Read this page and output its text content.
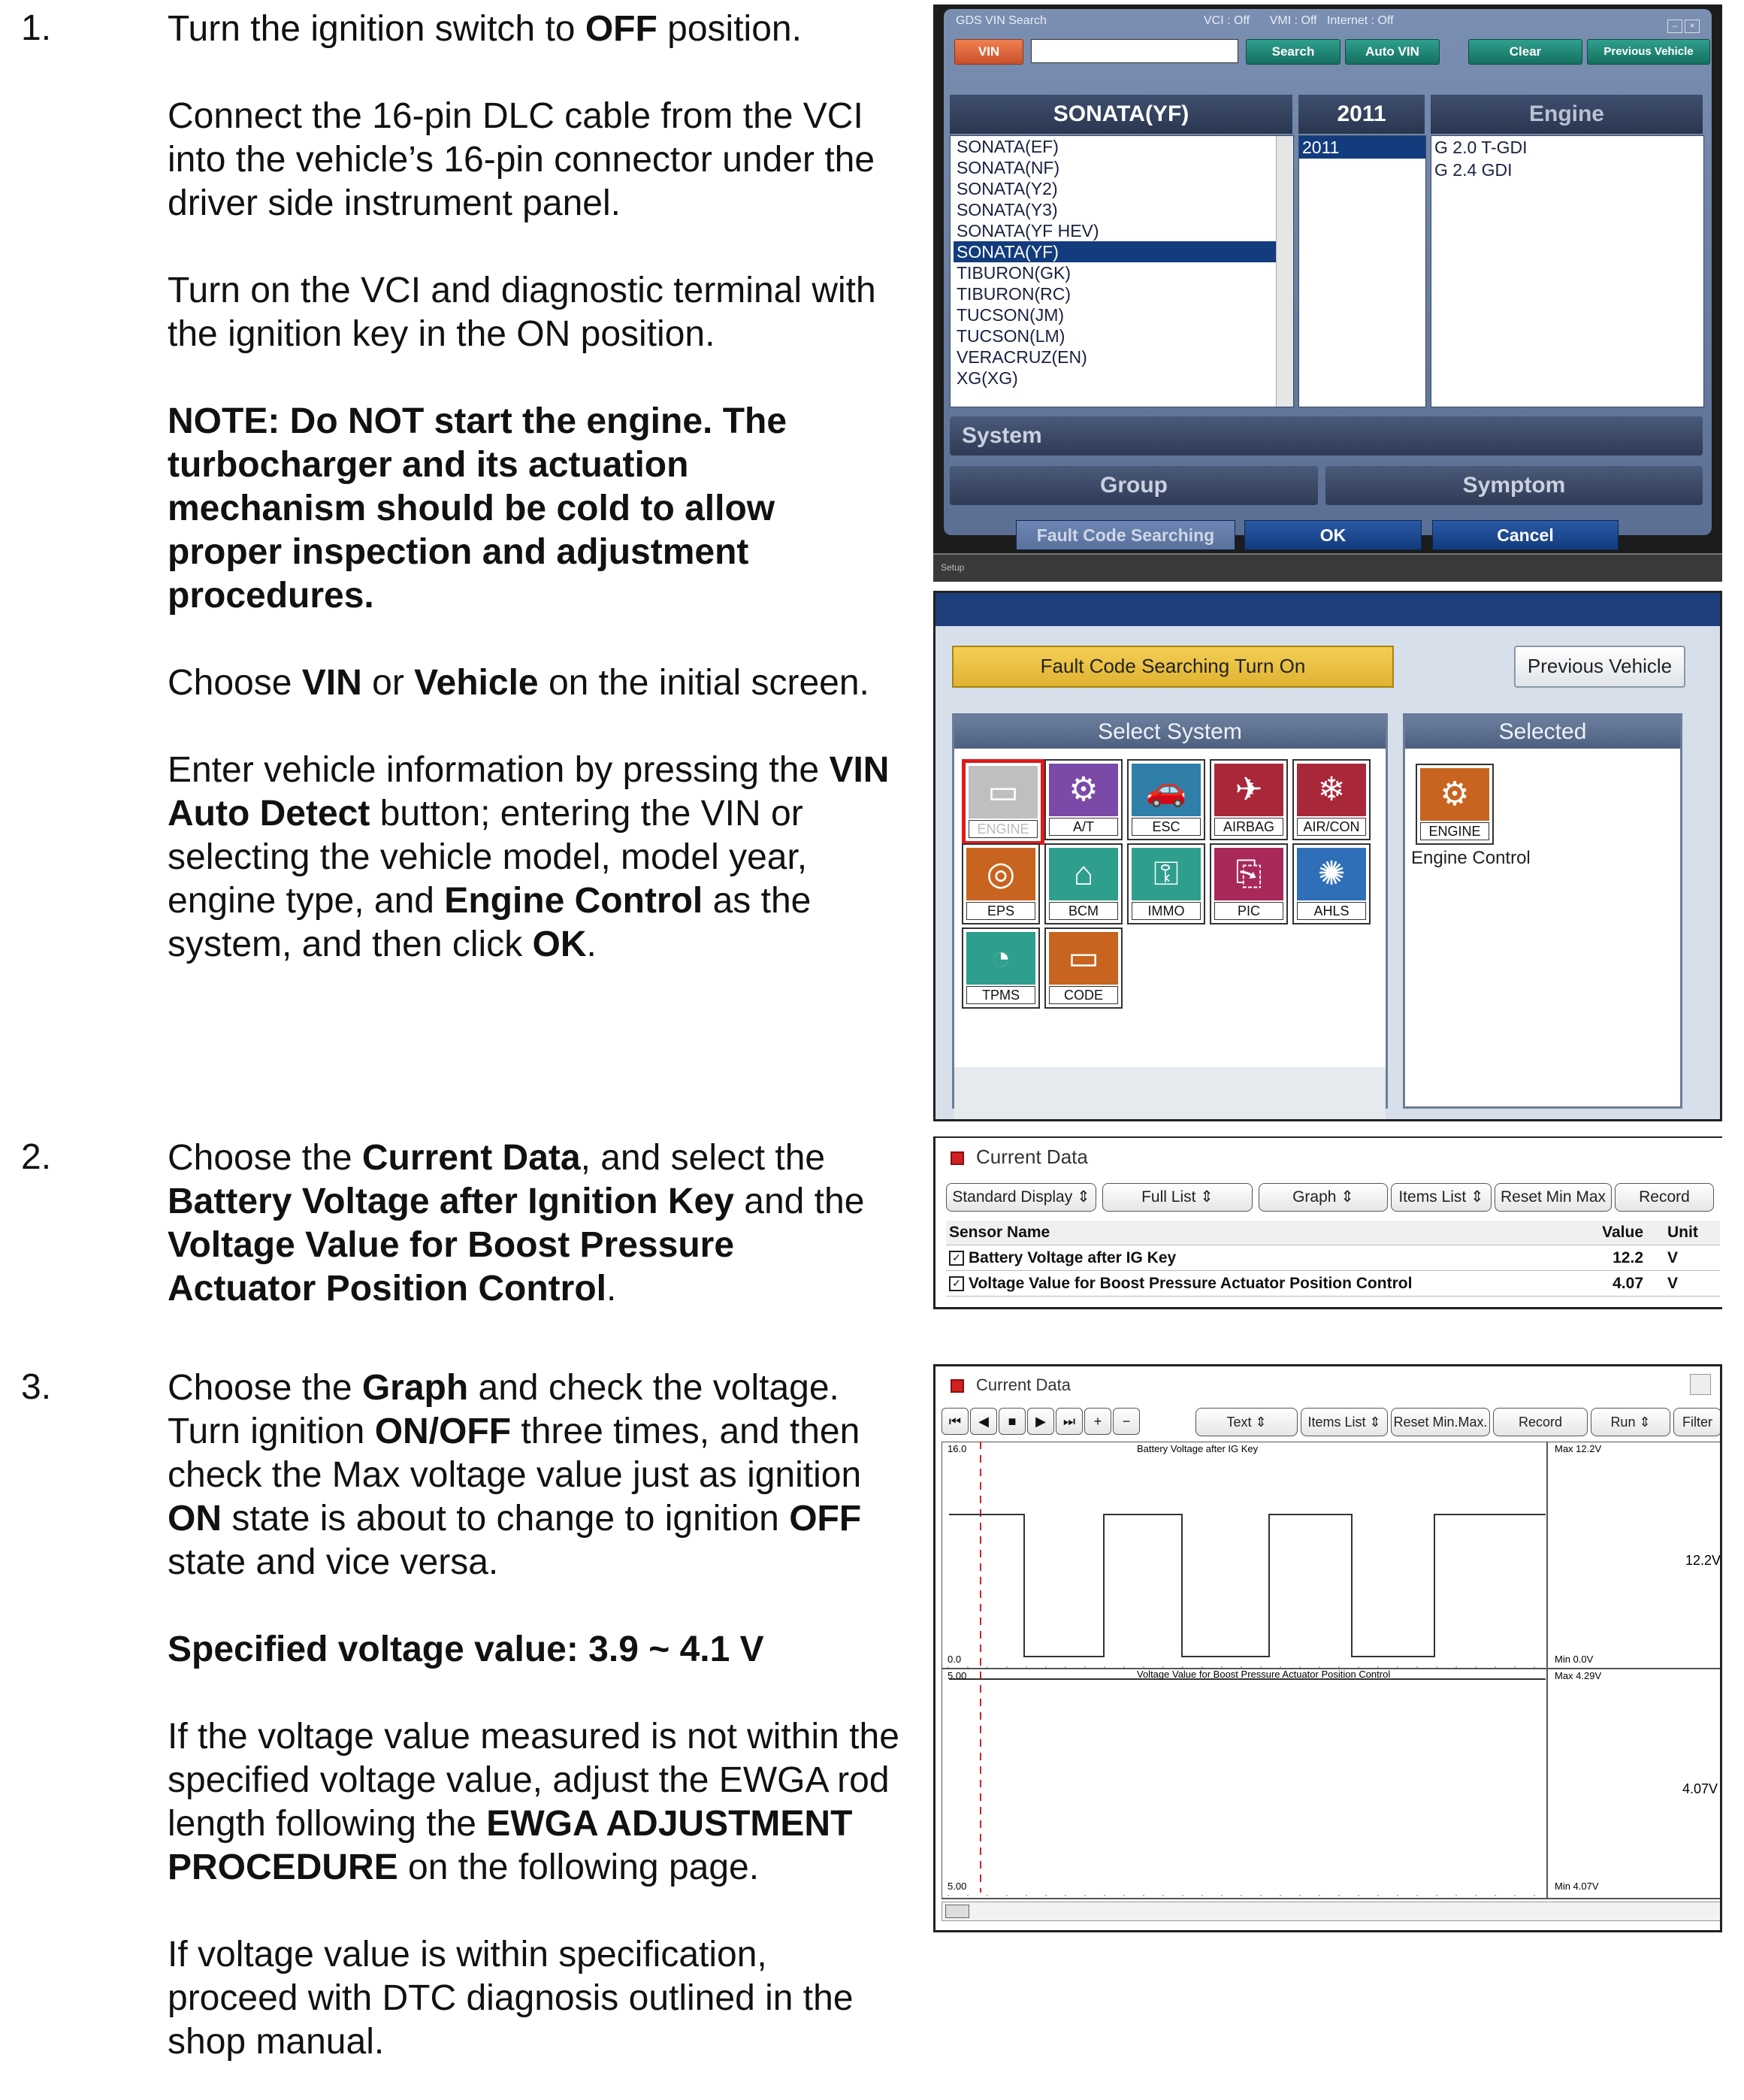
1.
2.
3.

Turn the ignition switch to OFF position.

Connect the 16-pin DLC cable from the VCI into the vehicle’s 16-pin connector under the driver side instrument panel.

Turn on the VCI and diagnostic terminal with the ignition key in the ON position.

NOTE: Do NOT start the engine. The turbocharger and its actuation mechanism should be cold to allow proper inspection and adjustment procedures.

Choose VIN or Vehicle on the initial screen.

Enter vehicle information by pressing the VIN Auto Detect button; entering the VIN or selecting the vehicle model, model year, engine type, and Engine Control as the system, and then click OK.

Choose the Current Data, and select the Battery Voltage after Ignition Key and the Voltage Value for Boost Pressure Actuator Position Control.

Choose the Graph and check the voltage. Turn ignition ON/OFF three times, and then check the Max voltage value just as ignition ON state is about to change to ignition OFF state and vice versa.

Specified voltage value: 3.9 ~ 4.1 V

If the voltage value measured is not within the specified voltage value, adjust the EWGA rod length following the EWGA ADJUSTMENT PROCEDURE on the following page.

If voltage value is within specification, proceed with DTC diagnosis outlined in the shop manual.

GDS VIN Search	VCI : Off VMI : Off Internet : Off	– ×
VIN	Search	Auto VIN	Clear	Previous Vehicle
SONATA(YF)	2011	Engine
SONATA(EF)
SONATA(NF)
SONATA(Y2)
SONATA(Y3)
SONATA(YF HEV)
SONATA(YF)
TIBURON(GK)
TIBURON(RC)
TUCSON(JM)
TUCSON(LM)
VERACRUZ(EN)
XG(XG)
2011	G 2.0 T-GDI
G 2.4 GDI
System
Group	Symptom
Fault Code Searching	OK	Cancel
Setup
Fault Code Searching Turn On	Previous Vehicle
Select System
▭
ENGINE
⚙
A/T
🚗
ESC
✈
AIRBAG
❄
AIR/CON
◎
EPS
⌂
BCM
⚿
IMMO
⎘
PIC
✺
AHLS
◔
TPMS
▭
CODE
Selected
⚙
ENGINE
Engine Control
Current Data
Standard Display ⇕	Full List ⇕	Graph ⇕	Items List ⇕	Reset Min Max	Record
Sensor Name	Value Unit
✓ Battery Voltage after IG Key	12.2 V
✓ Voltage Value for Boost Pressure Actuator Position Control	4.07 V
Current Data
⏮	◀	■	▶	⏭	+	−	Text ⇕	Items List ⇕ Reset Min.Max.	Record	Run ⇕	Filter
16.0
0.0
Battery Voltage after IG Key	Max 12.2V
Min 0.0V
12.2V
5.00
5.00
Voltage Value for Boost Pressure Actuator Position Control	Max 4.29V
Min 4.07V
4.07V
